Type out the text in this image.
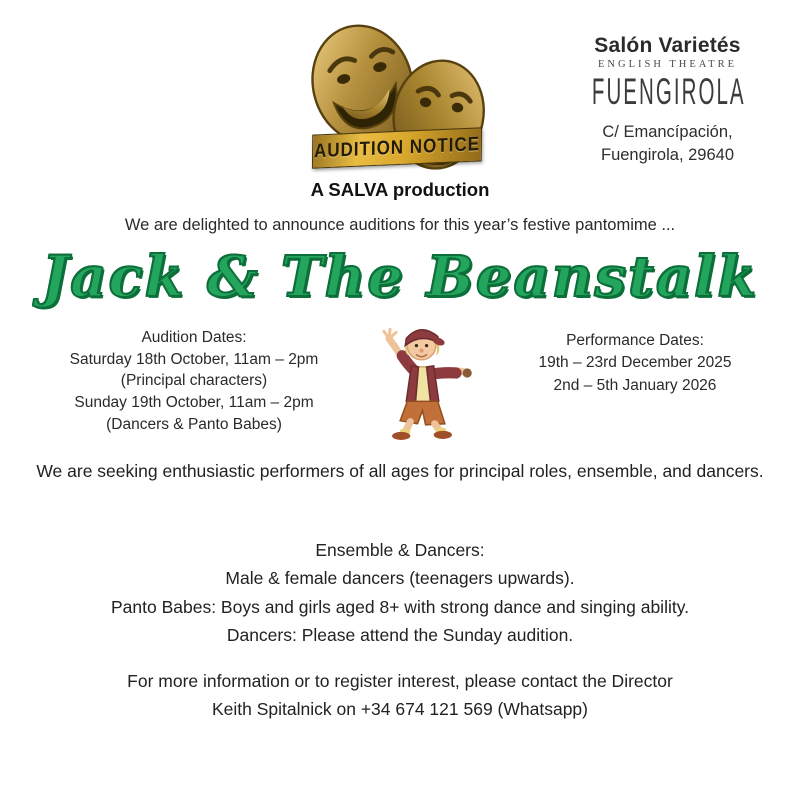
AUDITION NOTICE
Salón Varietés
ENGLISH THEATRE
FUENGIROLA
C/ Emancípación,
Fuengirola, 29640
A SALVA production
We are delighted to announce auditions for this year’s festive pantomime ...
Jack & The Beanstalk
Audition Dates:
Saturday 18th October, 11am – 2pm
(Principal characters)
Sunday 19th October, 11am – 2pm
(Dancers & Panto Babes)
Performance Dates:
19th – 23rd December 2025
2nd – 5th January 2026
We are seeking enthusiastic performers of all ages for principal roles, ensemble, and dancers.
Ensemble & Dancers:
Male & female dancers (teenagers upwards).
Panto Babes: Boys and girls aged 8+ with strong dance and singing ability.
Dancers: Please attend the Sunday audition.
For more information or to register interest, please contact the Director
Keith Spitalnick on +34 674 121 569 (Whatsapp)
